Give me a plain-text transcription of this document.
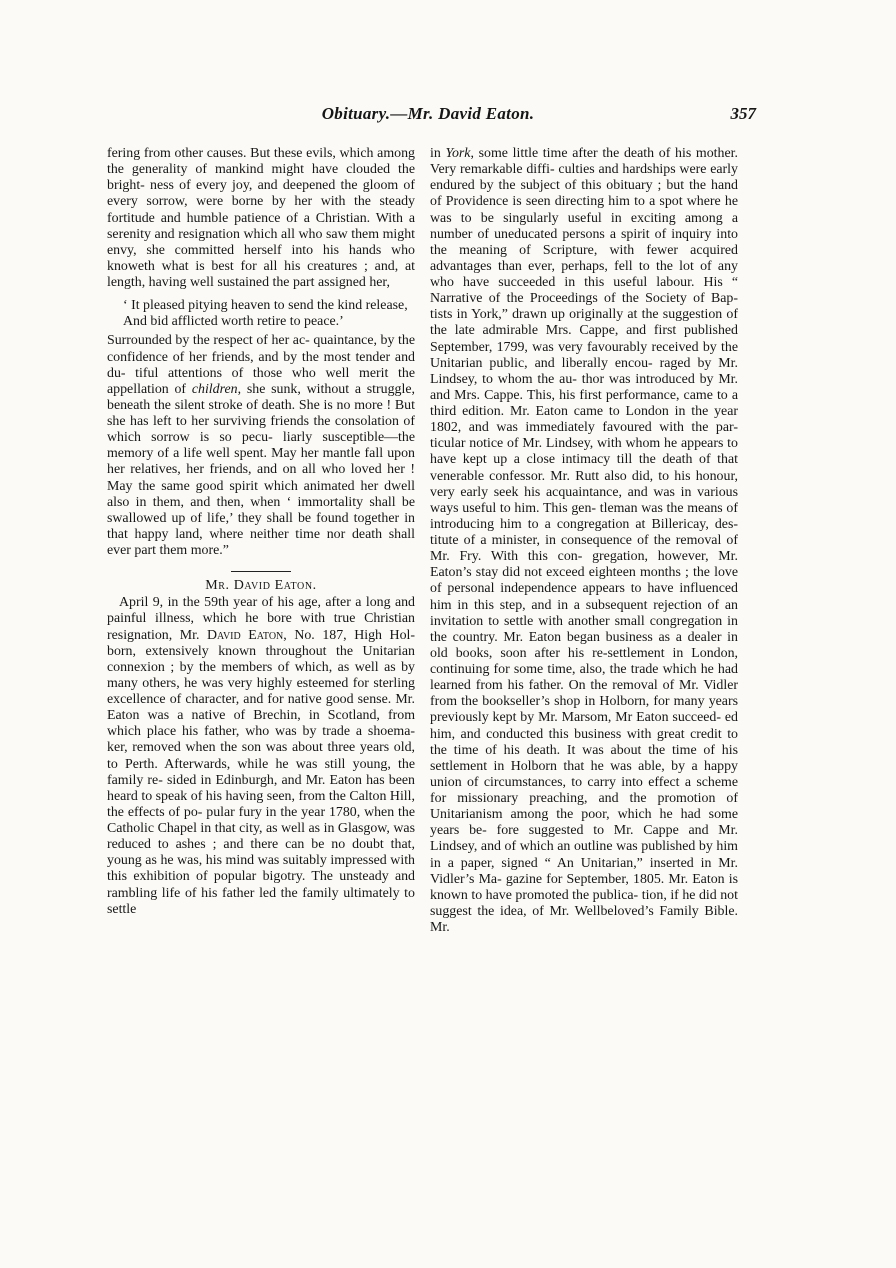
Obituary.—Mr. David Eaton.	357

fering from other causes. But these evils, which among the generality of mankind might have clouded the bright- ness of every joy, and deepened the gloom of every sorrow, were borne by her with the steady fortitude and humble patience of a Christian. With a serenity and resignation which all who saw them might envy, she committed herself into his hands who knoweth what is best for all his creatures ; and, at length, having well sustained the part assigned her,

‘ It pleased pitying heaven to send the kind release,
And bid afflicted worth retire to peace.’

Surrounded by the respect of her ac- quaintance, by the confidence of her friends, and by the most tender and du- tiful attentions of those who well merit the appellation of children, she sunk, without a struggle, beneath the silent stroke of death. She is no more ! But she has left to her surviving friends the consolation of which sorrow is so pecu- liarly susceptible—the memory of a life well spent. May her mantle fall upon her relatives, her friends, and on all who loved her ! May the same good spirit which animated her dwell also in them, and then, when ‘ immortality shall be swallowed up of life,’ they shall be found together in that happy land, where neither time nor death shall ever part them more.”

Mr. David Eaton.

April 9, in the 59th year of his age, after a long and painful illness, which he bore with true Christian resignation, Mr. David Eaton, No. 187, High Hol- born, extensively known throughout the Unitarian connexion ; by the members of which, as well as by many others, he was very highly esteemed for sterling excellence of character, and for native good sense. Mr. Eaton was a native of Brechin, in Scotland, from which place his father, who was by trade a shoema- ker, removed when the son was about three years old, to Perth. Afterwards, while he was still young, the family re- sided in Edinburgh, and Mr. Eaton has been heard to speak of his having seen, from the Calton Hill, the effects of po- pular fury in the year 1780, when the Catholic Chapel in that city, as well as in Glasgow, was reduced to ashes ; and there can be no doubt that, young as he was, his mind was suitably impressed with this exhibition of popular bigotry. The unsteady and rambling life of his father led the family ultimately to settle

in York, some little time after the death of his mother. Very remarkable diffi- culties and hardships were early endured by the subject of this obituary ; but the hand of Providence is seen directing him to a spot where he was to be singularly useful in exciting among a number of uneducated persons a spirit of inquiry into the meaning of Scripture, with fewer acquired advantages than ever, perhaps, fell to the lot of any who have succeeded in this useful labour. His “ Narrative of the Proceedings of the Society of Bap- tists in York,” drawn up originally at the suggestion of the late admirable Mrs. Cappe, and first published September, 1799, was very favourably received by the Unitarian public, and liberally encou- raged by Mr. Lindsey, to whom the au- thor was introduced by Mr. and Mrs. Cappe. This, his first performance, came to a third edition. Mr. Eaton came to London in the year 1802, and was immediately favoured with the par- ticular notice of Mr. Lindsey, with whom he appears to have kept up a close intimacy till the death of that venerable confessor. Mr. Rutt also did, to his honour, very early seek his acquaintance, and was in various ways useful to him. This gen- tleman was the means of introducing him to a congregation at Billericay, des- titute of a minister, in consequence of the removal of Mr. Fry. With this con- gregation, however, Mr. Eaton’s stay did not exceed eighteen months ; the love of personal independence appears to have influenced him in this step, and in a subsequent rejection of an invitation to settle with another small congregation in the country. Mr. Eaton began business as a dealer in old books, soon after his re-settlement in London, continuing for some time, also, the trade which he had learned from his father. On the removal of Mr. Vidler from the bookseller’s shop in Holborn, for many years previously kept by Mr. Marsom, Mr Eaton succeed- ed him, and conducted this business with great credit to the time of his death. It was about the time of his settlement in Holborn that he was able, by a happy union of circumstances, to carry into effect a scheme for missionary preaching, and the promotion of Unitarianism among the poor, which he had some years be- fore suggested to Mr. Cappe and Mr. Lindsey, and of which an outline was published by him in a paper, signed “ An Unitarian,” inserted in Mr. Vidler’s Ma- gazine for September, 1805. Mr. Eaton is known to have promoted the publica- tion, if he did not suggest the idea, of Mr. Wellbeloved’s Family Bible. Mr.
